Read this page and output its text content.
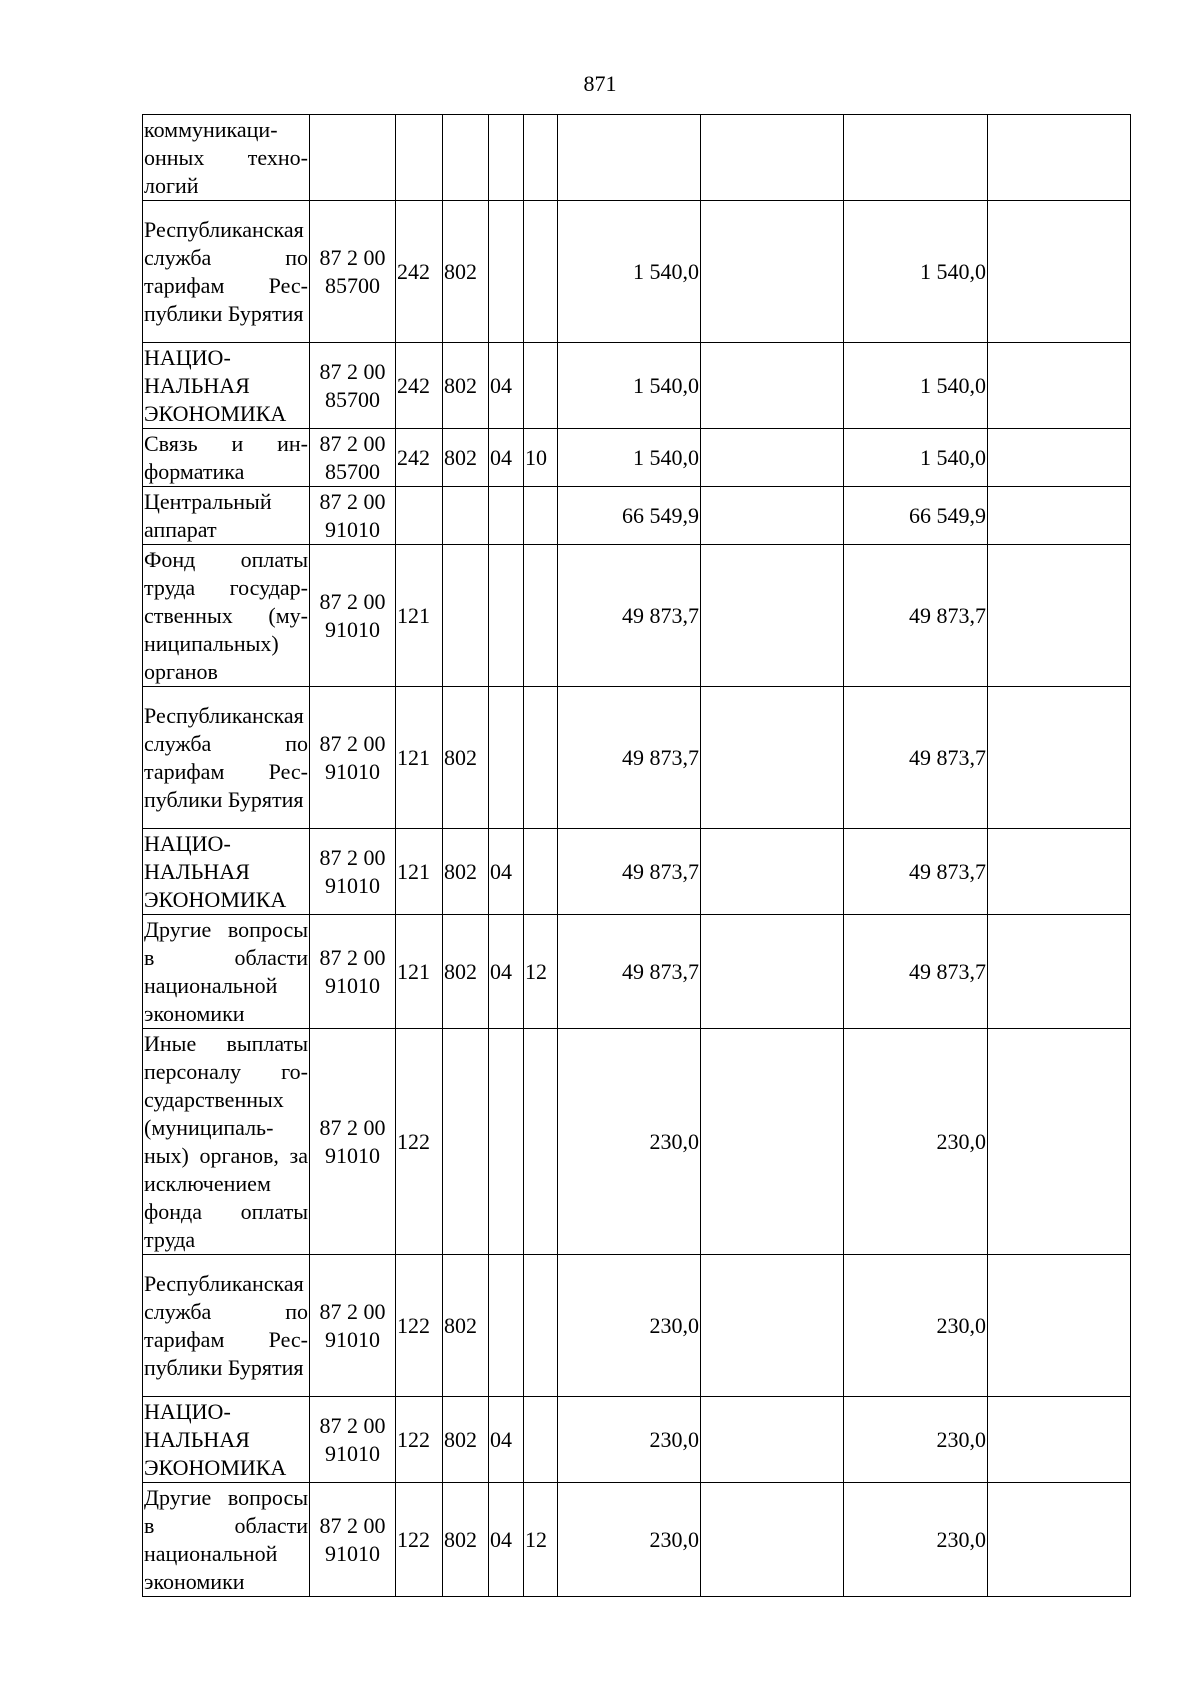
871
коммуникационных технологий									
Республиканская служба по тарифам Республики Бурятия	87 2 00 85700	242	802			1 540,0		1 540,0	
НАЦИОНАЛЬНАЯ ЭКОНОМИКА	87 2 00 85700	242	802	04		1 540,0		1 540,0	
Связь и информатика	87 2 00 85700	242	802	04	10	1 540,0		1 540,0	
Центральный аппарат	87 2 00 91010					66 549,9		66 549,9	
Фонд оплаты труда государственных (муниципальных) органов	87 2 00 91010	121				49 873,7		49 873,7	
Республиканская служба по тарифам Республики Бурятия	87 2 00 91010	121	802			49 873,7		49 873,7	
НАЦИОНАЛЬНАЯ ЭКОНОМИКА	87 2 00 91010	121	802	04		49 873,7		49 873,7	
Другие вопросы в области национальной экономики	87 2 00 91010	121	802	04	12	49 873,7		49 873,7	
Иные выплаты персоналу государственных (муниципальных) органов, за исключением фонда оплаты труда	87 2 00 91010	122				230,0		230,0	
Республиканская служба по тарифам Республики Бурятия	87 2 00 91010	122	802			230,0		230,0	
НАЦИОНАЛЬНАЯ ЭКОНОМИКА	87 2 00 91010	122	802	04		230,0		230,0	
Другие вопросы в области национальной экономики	87 2 00 91010	122	802	04	12	230,0		230,0	
